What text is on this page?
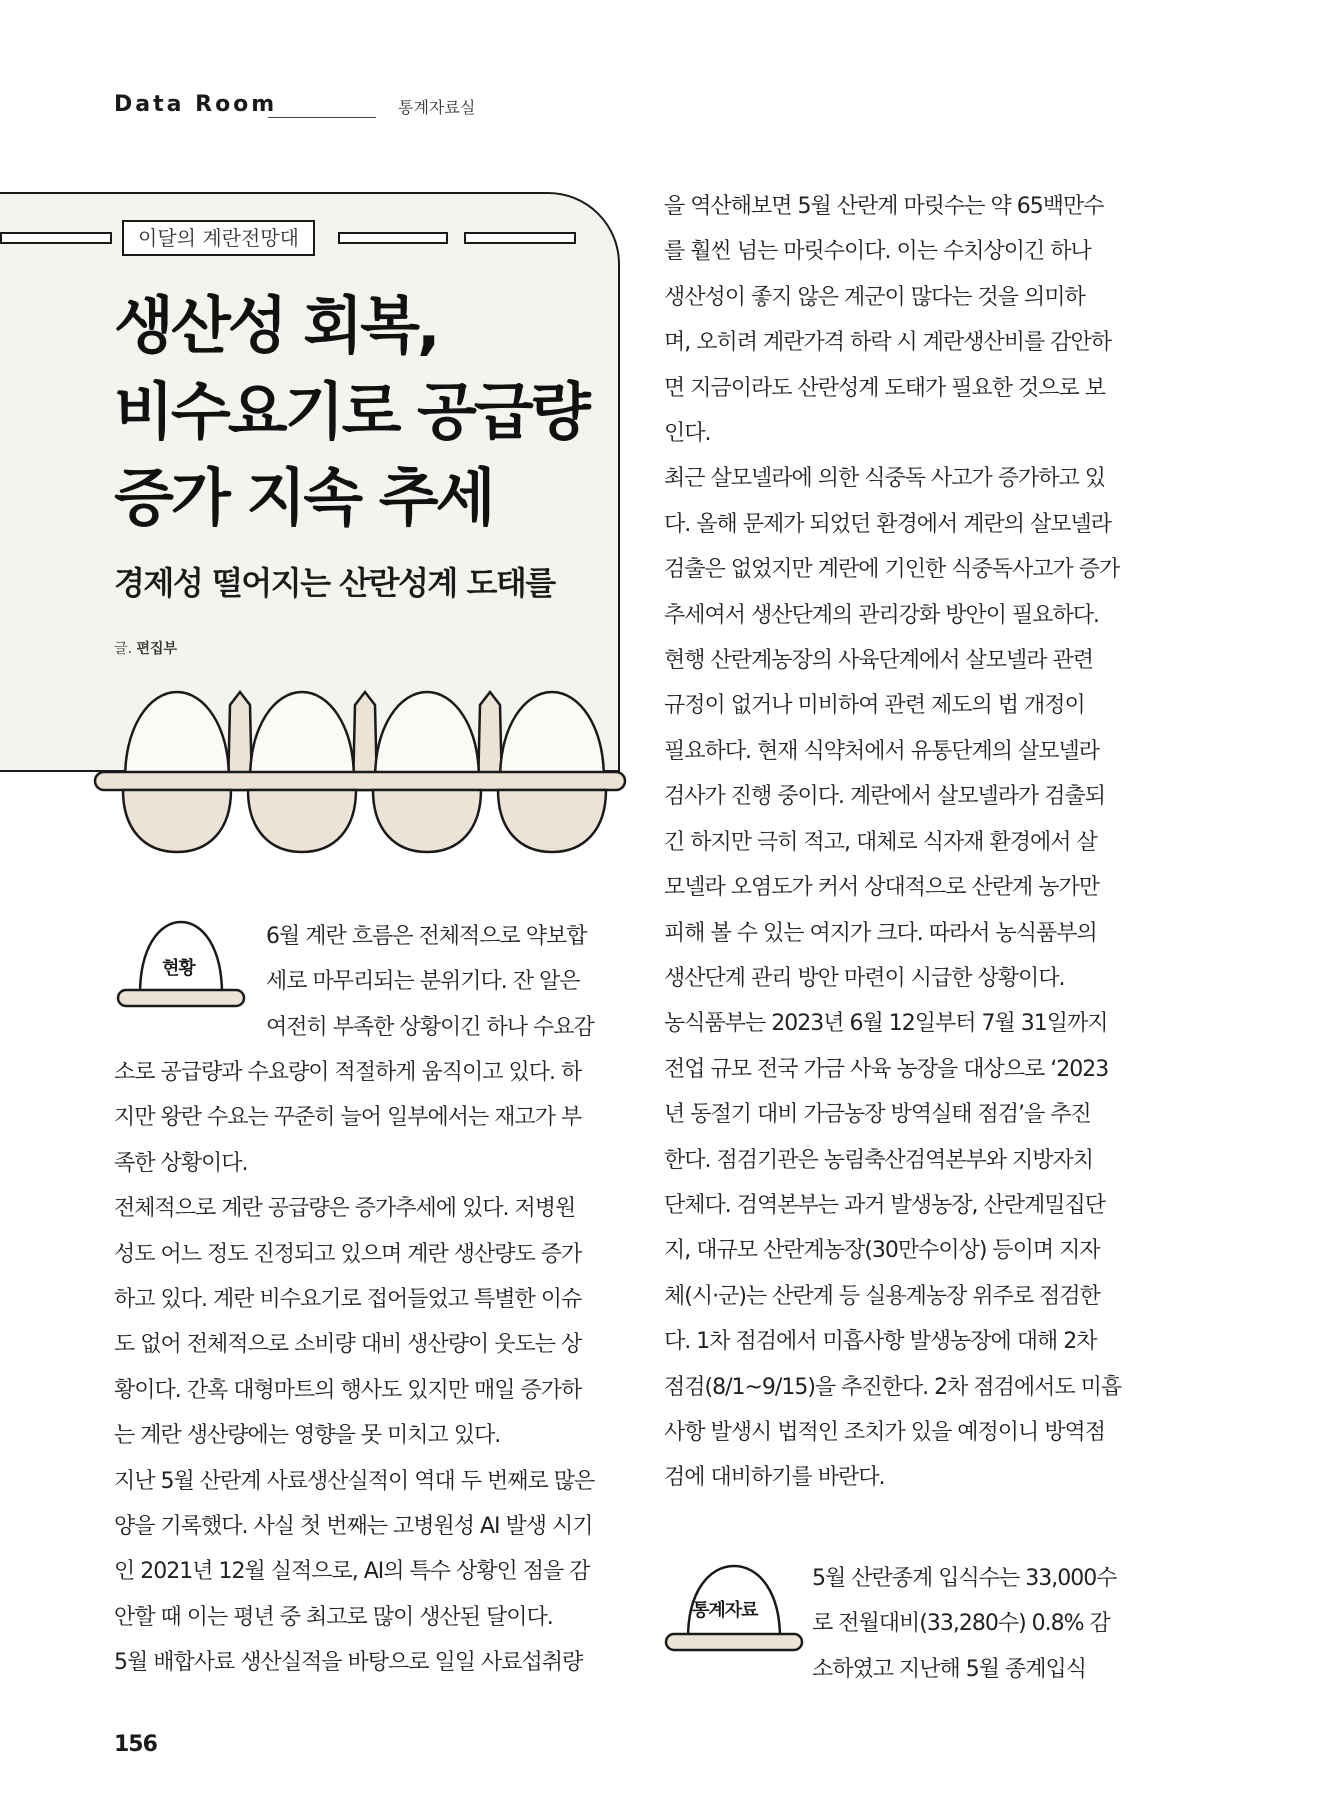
Data Room	통계자료실
이달의 계란전망대
생산성 회복,
비수요기로 공급량
증가 지속 추세
경제성 떨어지는 산란성계 도태를
글. 편집부
현황

6월 계란 흐름은 전체적으로 약보합

세로 마무리되는 분위기다. 잔 알은

여전히 부족한 상황이긴 하나 수요감

소로 공급량과 수요량이 적절하게 움직이고 있다. 하

지만 왕란 수요는 꾸준히 늘어 일부에서는 재고가 부

족한 상황이다.

전체적으로 계란 공급량은 증가추세에 있다. 저병원

성도 어느 정도 진정되고 있으며 계란 생산량도 증가

하고 있다. 계란 비수요기로 접어들었고 특별한 이슈

도 없어 전체적으로 소비량 대비 생산량이 웃도는 상

황이다. 간혹 대형마트의 행사도 있지만 매일 증가하

는 계란 생산량에는 영향을 못 미치고 있다.

지난 5월 산란계 사료생산실적이 역대 두 번째로 많은

양을 기록했다. 사실 첫 번째는 고병원성 AI 발생 시기

인 2021년 12월 실적으로, AI의 특수 상황인 점을 감

안할 때 이는 평년 중 최고로 많이 생산된 달이다.

5월 배합사료 생산실적을 바탕으로 일일 사료섭취량

을 역산해보면 5월 산란계 마릿수는 약 65백만수

를 훨씬 넘는 마릿수이다. 이는 수치상이긴 하나

생산성이 좋지 않은 계군이 많다는 것을 의미하

며, 오히려 계란가격 하락 시 계란생산비를 감안하

면 지금이라도 산란성계 도태가 필요한 것으로 보

인다.

최근 살모넬라에 의한 식중독 사고가 증가하고 있

다. 올해 문제가 되었던 환경에서 계란의 살모넬라

검출은 없었지만 계란에 기인한 식중독사고가 증가

추세여서 생산단계의 관리강화 방안이 필요하다.

현행 산란계농장의 사육단계에서 살모넬라 관련

규정이 없거나 미비하여 관련 제도의 법 개정이

필요하다. 현재 식약처에서 유통단계의 살모넬라

검사가 진행 중이다. 계란에서 살모넬라가 검출되

긴 하지만 극히 적고, 대체로 식자재 환경에서 살

모넬라 오염도가 커서 상대적으로 산란계 농가만

피해 볼 수 있는 여지가 크다. 따라서 농식품부의

생산단계 관리 방안 마련이 시급한 상황이다.

농식품부는 2023년 6월 12일부터 7월 31일까지

전업 규모 전국 가금 사육 농장을 대상으로 ‘2023

년 동절기 대비 가금농장 방역실태 점검’을 추진

한다. 점검기관은 농림축산검역본부와 지방자치

단체다. 검역본부는 과거 발생농장, 산란계밀집단

지, 대규모 산란계농장(30만수이상) 등이며 지자

체(시·군)는 산란계 등 실용계농장 위주로 점검한

다. 1차 점검에서 미흡사항 발생농장에 대해 2차

점검(8/1~9/15)을 추진한다. 2차 점검에서도 미흡

사항 발생시 법적인 조치가 있을 예정이니 방역점

검에 대비하기를 바란다.

통계자료

5월 산란종계 입식수는 33,000수

로 전월대비(33,280수) 0.8% 감

소하였고 지난해 5월 종계입식

156
